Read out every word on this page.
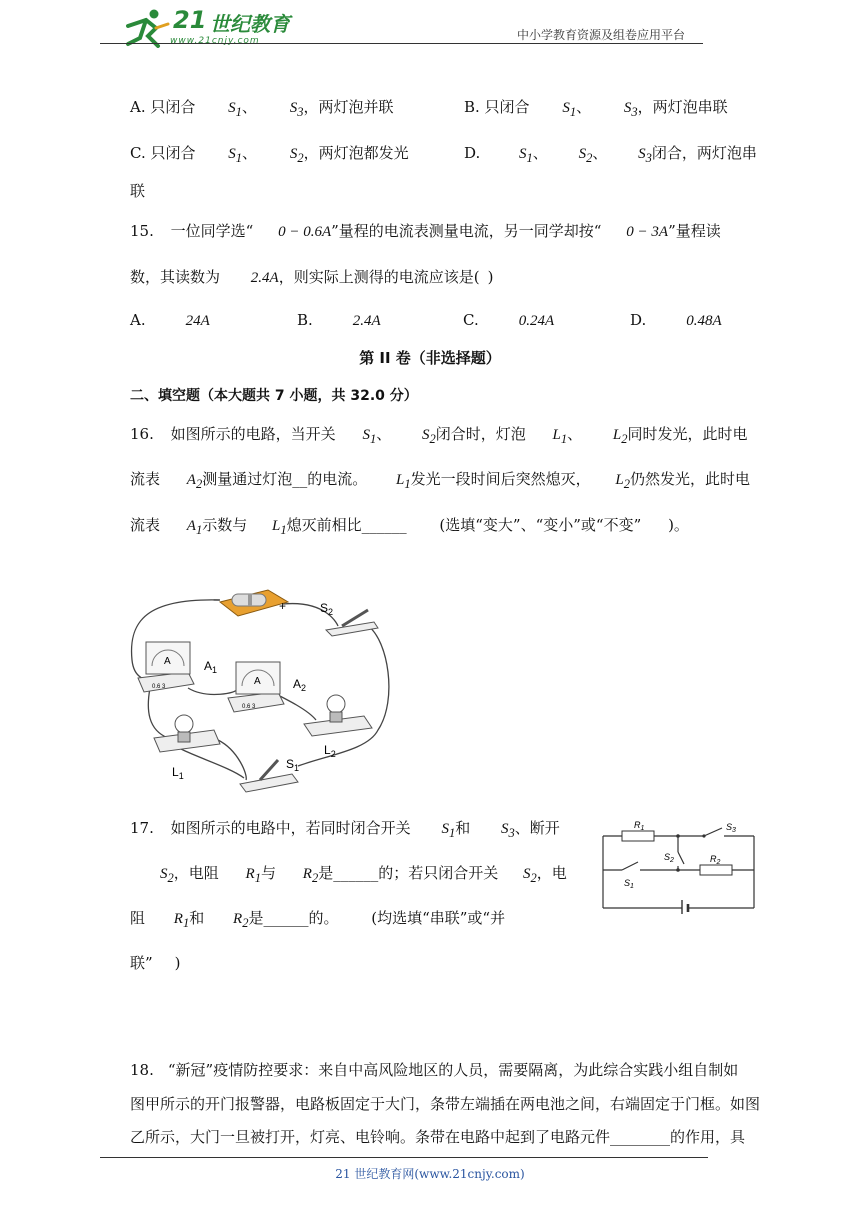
21 世纪教育
www.21cnjy.com	中小学教育资源及组卷应用平台
A. 只闭合 $S_1$、 $S_3$，两灯泡并联	B. 只闭合 $S_1$、 $S_3$，两灯泡串联
C. 只闭合 $S_1$、 $S_2$，两灯泡都发光	D.	$S_1$、 $S_2$、 $S_3$闭合，两灯泡串
联
15. 一位同学选“ 0 − 0.6A”量程的电流表测量电流，另一同学却按“ 0 − 3A”量程读
数，其读数为 2.4A，则实际上测得的电流应该是( )
A.	24A	B.	2.4A	C.	0.24A	D.	0.48A
第 II 卷（非选择题）
二、填空题（本大题共 7 小题，共 32.0 分）
16. 如图所示的电路，当开关 $S_1$、 $S_2$闭合时，灯泡 $L_1$、 $L_2$同时发光，此时电
流表 $A_2$测量通过灯泡__的电流。 $L_1$发光一段时间后突然熄灭， $L_2$仍然发光，此时电
流表 $A_1$示数与 $L_1$熄灭前相比______ (选填“变大”、“变小”或“不变” )。
−	+	$S_2$
A
0.6 3
$A_1$
A
0.6 3
$A_2$
$L_2$
$L_1$
$S_1$
17. 如图所示的电路中，若同时闭合开关 $S_1$和 $S_3$、断开
$S_2$，电阻 $R_1$与 $R_2$是______的；若只闭合开关 $S_2$，电
阻 $R_1$和 $R_2$是______的。 (均选填“串联”或“并
联” )
$R_1$	$S_3$
$S_2$
$S_1$
$R_2$
18. “新冠”疫情防控要求：来自中高风险地区的人员，需要隔离，为此综合实践小组自制如
图甲所示的开门报警器，电路板固定于大门，条带左端插在两电池之间，右端固定于门框。如图
乙所示，大门一旦被打开，灯亮、电铃响。条带在电路中起到了电路元件________的作用，具
21 世纪教育网(www.21cnjy.com)
